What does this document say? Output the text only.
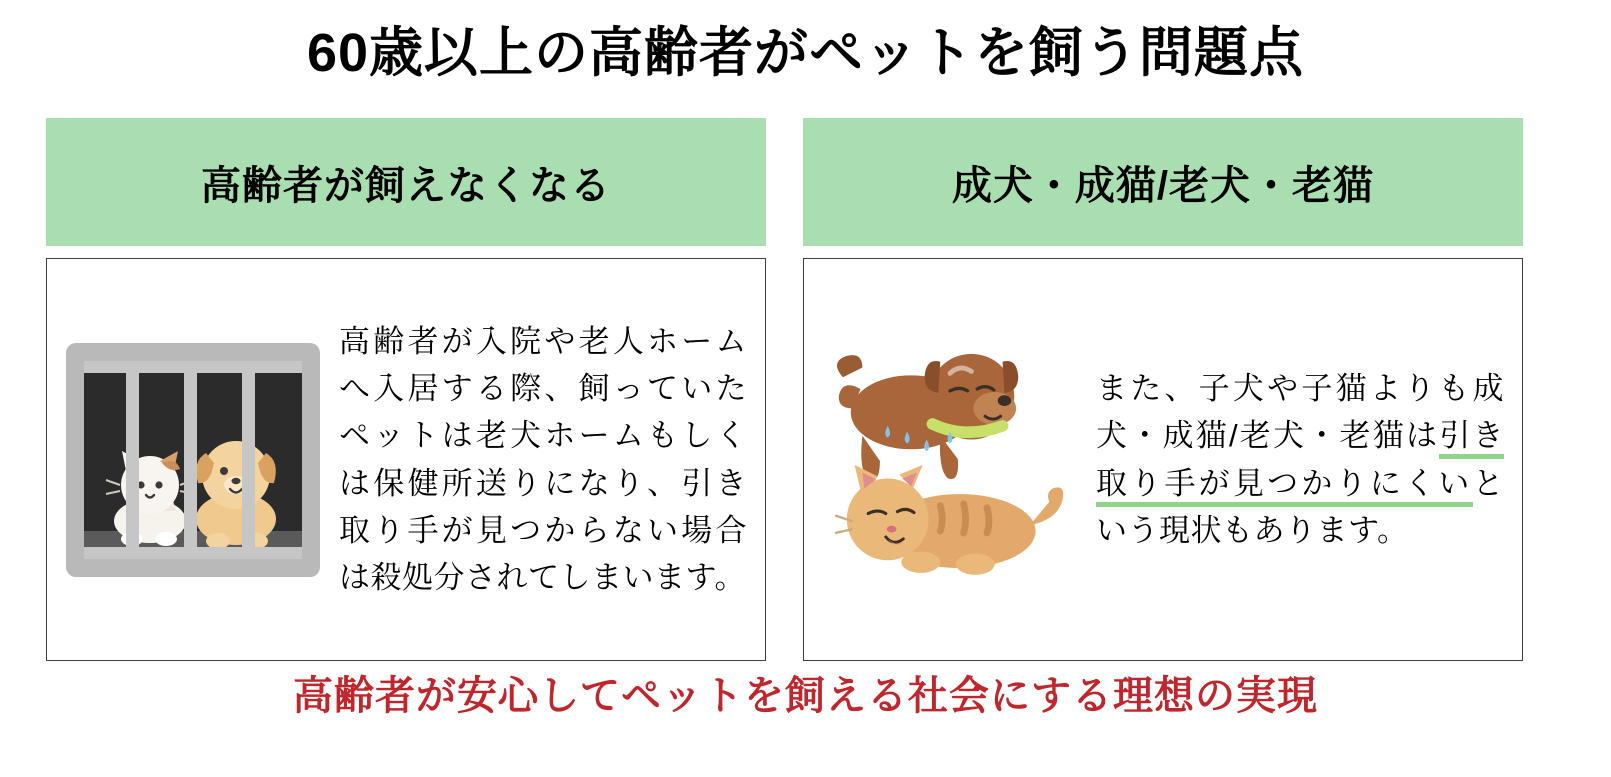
60歳以上の高齢者がペットを飼う問題点
高齢者が飼えなくなる
高齢者が入院や老人ホームへ入居する際、飼っていたペットは老犬ホームもしくは保健所送りになり、引き取り手が見つからない場合は殺処分されてしまいます。
成犬・成猫/老犬・老猫
また、子犬や子猫よりも成犬・成猫/老犬・老猫は引き取り手が見つかりにくいという現状もあります。
高齢者が安心してペットを飼える社会にする理想の実現
